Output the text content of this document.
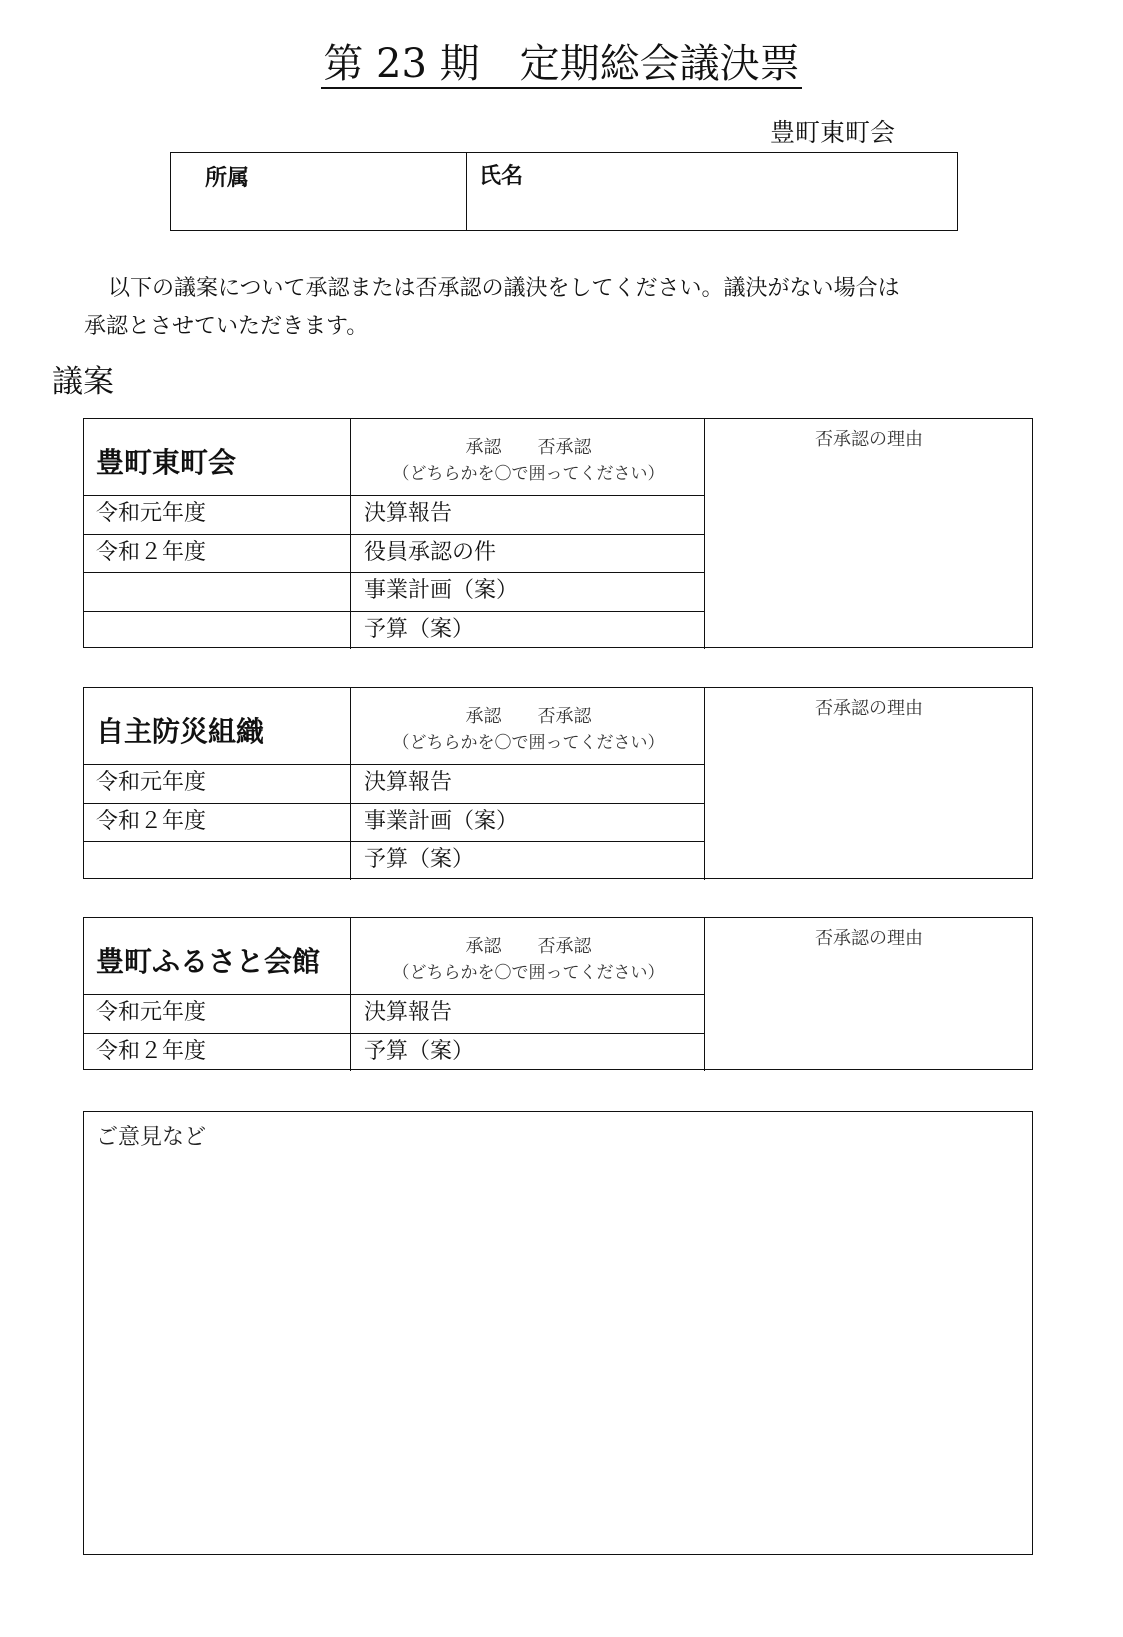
第 23 期　定期総会議決票
豊町東町会
所属	氏名
以下の議案について承認または否承認の議決をしてください。議決がない場合は
承認とさせていただきます。
議案
豊町東町会	承認　　否承認
（どちらかを〇で囲ってください）
否承認の理由
令和元年度	決算報告
令和２年度	役員承認の件
事業計画（案）
予算（案）
自主防災組織	承認　　否承認
（どちらかを〇で囲ってください）
否承認の理由
令和元年度	決算報告
令和２年度	事業計画（案）
予算（案）
豊町ふるさと会館	承認　　否承認
（どちらかを〇で囲ってください）
否承認の理由
令和元年度	決算報告
令和２年度	予算（案）
ご意見など
